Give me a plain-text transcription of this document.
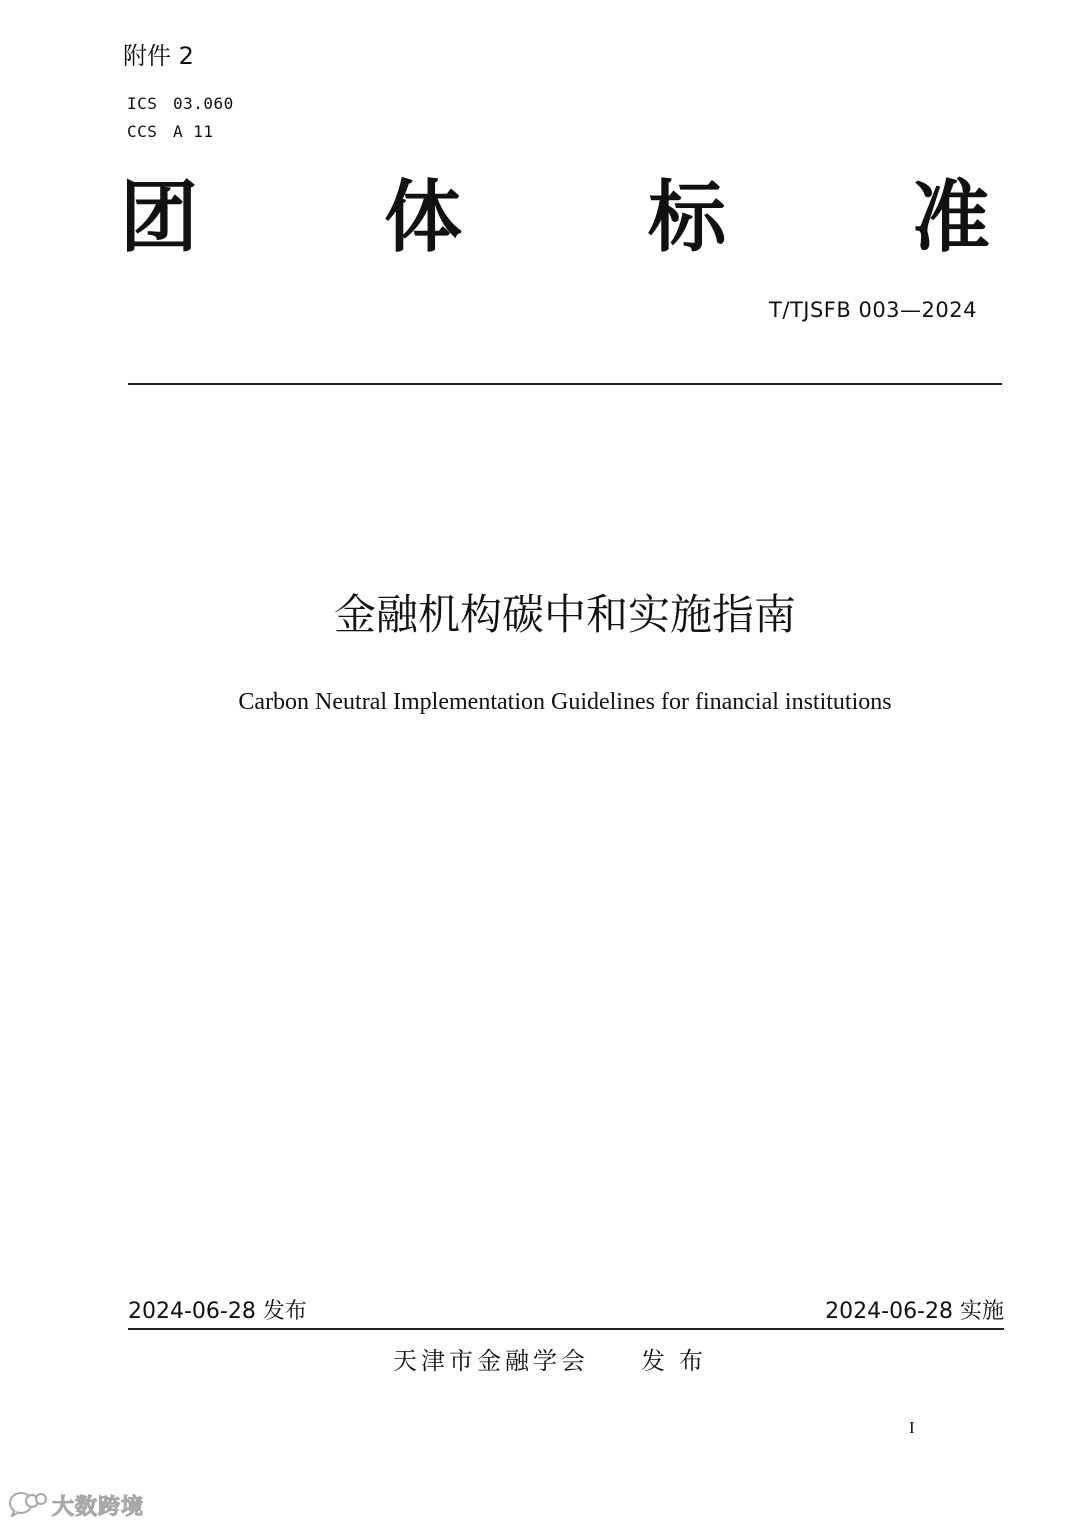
附件 2
ICS 03.060
CCS A 11
团 体 标 准
T/TJSFB 003—2024
金融机构碳中和实施指南
Carbon Neutral Implementation Guidelines for financial institutions
2024-06-28 发布	2024-06-28 实施
天津市金融学会 发布
I
大数跨境
